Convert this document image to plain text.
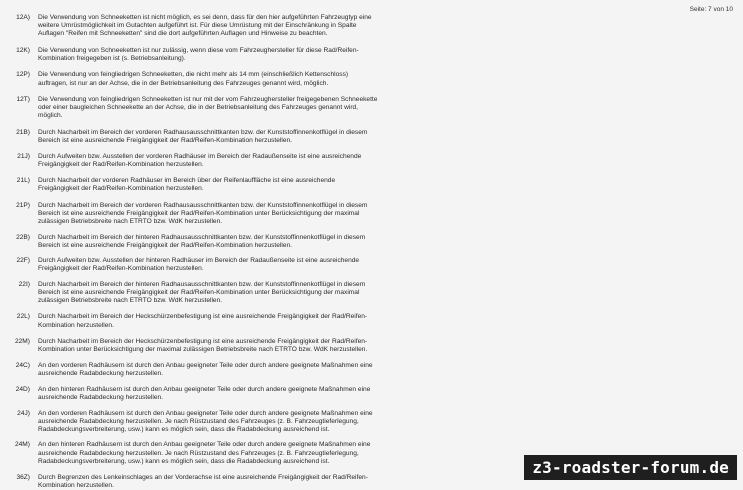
Seite: 7 von 10
12A)	Die Verwendung von Schneeketten ist nicht möglich, es sei denn, dass für den hier aufgeführten Fahrzeugtyp eine weitere Umrüstmöglichkeit im Gutachten aufgeführt ist. Für diese Umrüstung mit der Einschränkung in Spalte Auflagen "Reifen mit Schneeketten" sind die dort aufgeführten Auflagen und Hinweise zu beachten.
12K)	Die Verwendung von Schneeketten ist nur zulässig, wenn diese vom Fahrzeughersteller für diese Rad/Reifen-Kombination freigegeben ist (s. Betriebsanleitung).
12P)	Die Verwendung von feingliedrigen Schneeketten, die nicht mehr als 14 mm (einschließlich Kettenschloss) auftragen, ist nur an der Achse, die in der Betriebsanleitung des Fahrzeuges genannt wird, möglich.
12T)	Die Verwendung von feingliedrigen Schneeketten ist nur mit der vom Fahrzeughersteller freigegebenen Schneekette oder einer baugleichen Schneekette an der Achse, die in der Betriebsanleitung des Fahrzeuges genannt wird, möglich.
21B)	Durch Nacharbeit im Bereich der vorderen Radhausausschnittkanten bzw. der Kunststoffinnenkotflügel in diesem Bereich ist eine ausreichende Freigängigkeit der Rad/Reifen-Kombination herzustellen.
21J)	Durch Aufweiten bzw. Ausstellen der vorderen Radhäuser im Bereich der Radaußenseite ist eine ausreichende Freigängigkeit der Rad/Reifen-Kombination herzustellen.
21L)	Durch Nacharbeit der vorderen Radhäuser im Bereich über der Reifenlauffläche ist eine ausreichende Freigängigkeit der Rad/Reifen-Kombination herzustellen.
21P)	Durch Nacharbeit im Bereich der vorderen Radhausausschnittkanten bzw. der Kunststoffinnenkotflügel in diesem Bereich ist eine ausreichende Freigängigkeit der Rad/Reifen-Kombination unter Berücksichtigung der maximal zulässigen Betriebsbreite nach ETRTO bzw. WdK herzustellen.
22B)	Durch Nacharbeit im Bereich der hinteren Radhausausschnittkanten bzw. der Kunststoffinnenkotflügel in diesem Bereich ist eine ausreichende Freigängigkeit der Rad/Reifen-Kombination herzustellen.
22F)	Durch Aufweiten bzw. Ausstellen der hinteren Radhäuser im Bereich der Radaußenseite ist eine ausreichende Freigängigkeit der Rad/Reifen-Kombination herzustellen.
22I)	Durch Nacharbeit im Bereich der hinteren Radhausausschnittkanten bzw. der Kunststoffinnenkotflügel in diesem Bereich ist eine ausreichende Freigängigkeit der Rad/Reifen-Kombination unter Berücksichtigung der maximal zulässigen Betriebsbreite nach ETRTO bzw. WdK herzustellen.
22L)	Durch Nacharbeit im Bereich der Heckschürzenbefestigung ist eine ausreichende Freigängigkeit der Rad/Reifen-Kombination herzustellen.
22M)	Durch Nacharbeit im Bereich der Heckschürzenbefestigung ist eine ausreichende Freigängigkeit der Rad/Reifen-Kombination unter Berücksichtigung der maximal zulässigen Betriebsbreite nach ETRTO bzw. WdK herzustellen.
24C)	An den vorderen Radhäusern ist durch den Anbau geeigneter Teile oder durch andere geeignete Maßnahmen eine ausreichende Radabdeckung herzustellen.
24D)	An den hinteren Radhäusern ist durch den Anbau geeigneter Teile oder durch andere geeignete Maßnahmen eine ausreichende Radabdeckung herzustellen.
24J)	An den vorderen Radhäusern ist durch den Anbau geeigneter Teile oder durch andere geeignete Maßnahmen eine ausreichende Radabdeckung herzustellen. Je nach Rüstzustand des Fahrzeuges (z. B. Fahrzeugtieferlegung, Radabdeckungsverbreiterung, usw.) kann es möglich sein, dass die Radabdeckung ausreichend ist.
24M)	An den hinteren Radhäusern ist durch den Anbau geeigneter Teile oder durch andere geeignete Maßnahmen eine ausreichende Radabdeckung herzustellen. Je nach Rüstzustand des Fahrzeuges (z. B. Fahrzeugtieferlegung, Radabdeckungsverbreiterung, usw.) kann es möglich sein, dass die Radabdeckung ausreichend ist.
36Z)	Durch Begrenzen des Lenkeinschlages an der Vorderachse ist eine ausreichende Freigängigkeit der Rad/Reifen-Kombination herzustellen.
z3-roadster-forum.de
